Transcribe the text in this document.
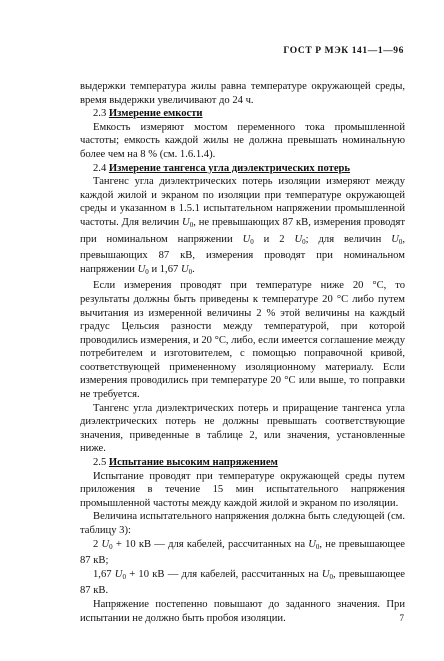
ГОСТ Р МЭК 141—1—96

выдержки температура жилы равна температуре окружающей среды, время выдержки увеличивают до 24 ч.

2.3 Измерение емкости

Емкость измеряют мостом переменного тока промышленной частоты; емкость каждой жилы не должна превышать номинальную более чем на 8 % (см. 1.6.1.4).

2.4 Измерение тангенса угла диэлектрических потерь

Тангенс угла диэлектрических потерь изоляции измеряют между каждой жилой и экраном по изоляции при температуре окружающей среды и указанном в 1.5.1 испытательном напряжении промышленной частоты. Для величин $U_0$, не превышающих 87 кВ, измерения проводят при номинальном напряжении $U_0$ и 2 $U_0$; для величин $U_0$, превышающих 87 кВ, измерения проводят при номинальном напряжении $U_0$ и 1,67 $U_0$.

Если измерения проводят при температуре ниже 20 °С, то результаты должны быть приведены к температуре 20 °С либо путем вычитания из измеренной величины 2 % этой величины на каждый градус Цельсия разности между температурой, при которой проводились измерения, и 20 °С, либо, если имеется соглашение между потребителем и изготовителем, с помощью поправочной кривой, соответствующей примененному изоляционному материалу. Если измерения проводились при температуре 20 °С или выше, то поправки не требуется.

Тангенс угла диэлектрических потерь и приращение тангенса угла диэлектрических потерь не должны превышать соответствующие значения, приведенные в таблице 2, или значения, установленные ниже.

2.5 Испытание высоким напряжением

Испытание проводят при температуре окружающей среды путем приложения в течение 15 мин испытательного напряжения промышленной частоты между каждой жилой и экраном по изоляции.

Величина испытательного напряжения должна быть следующей (см. таблицу 3):

2 $U_0 + 10$ кВ — для кабелей, рассчитанных на $U_0$, не превышающее 87 кВ;

1,67 $U_0 + 10$ кВ — для кабелей, рассчитанных на $U_0$, превышающее 87 кВ.

Напряжение постепенно повышают до заданного значения. При испытании не должно быть пробоя изоляции.	7
